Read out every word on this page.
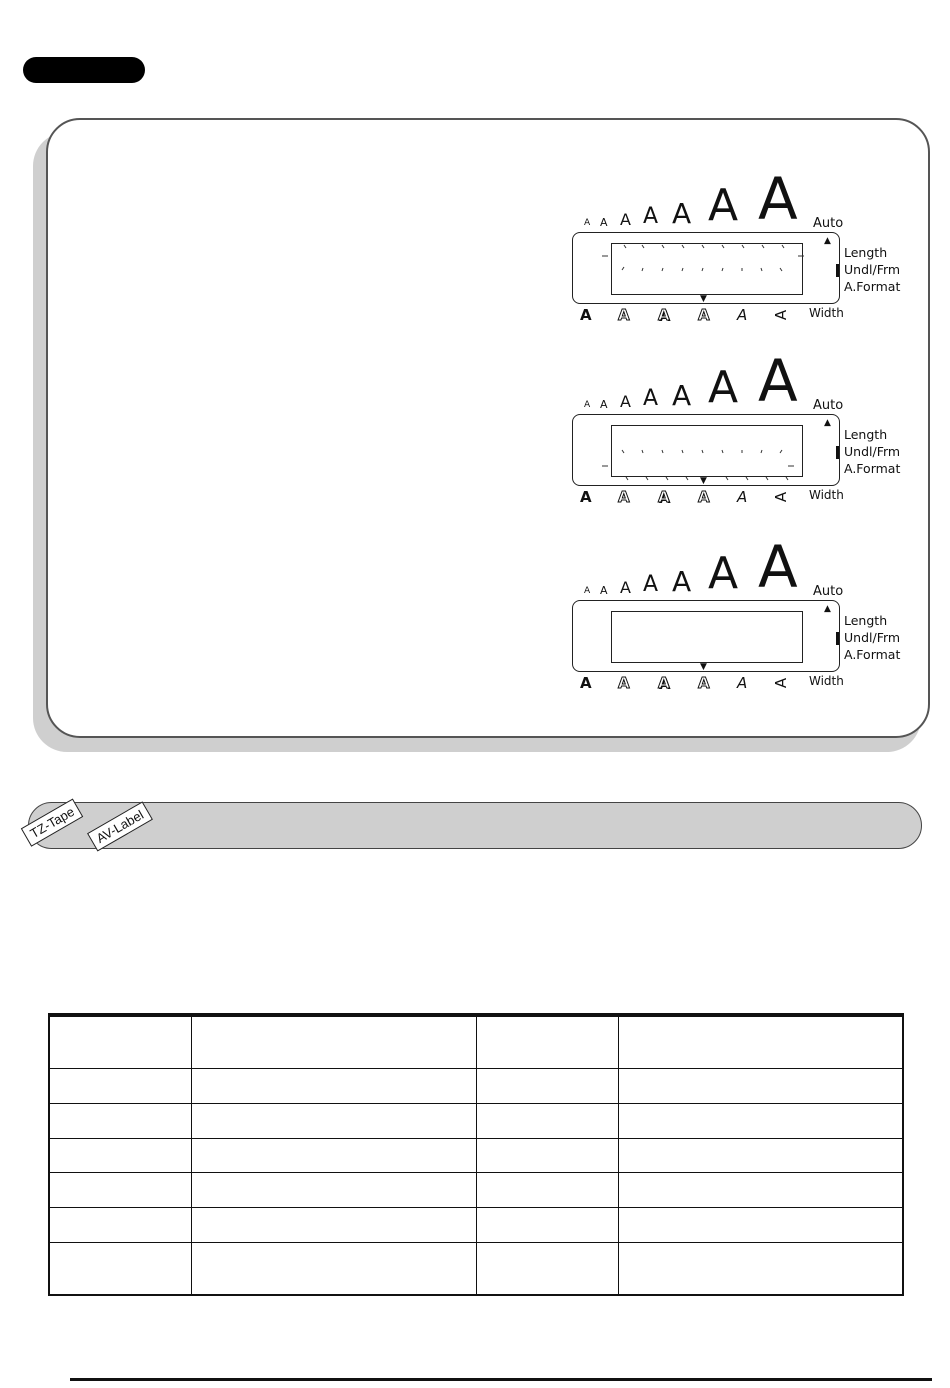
A A A A A A A Auto
▲
▼
Length
Undl/Frm
A.Format
A A A A A A Width
A A A A A A A Auto
▲
▼
Length
Undl/Frm
A.Format
A A A A A A Width
A A A A A A A Auto
▲
▼
Length
Undl/Frm
A.Format
A A A A A A Width
TZ-Tape	AV-Label
